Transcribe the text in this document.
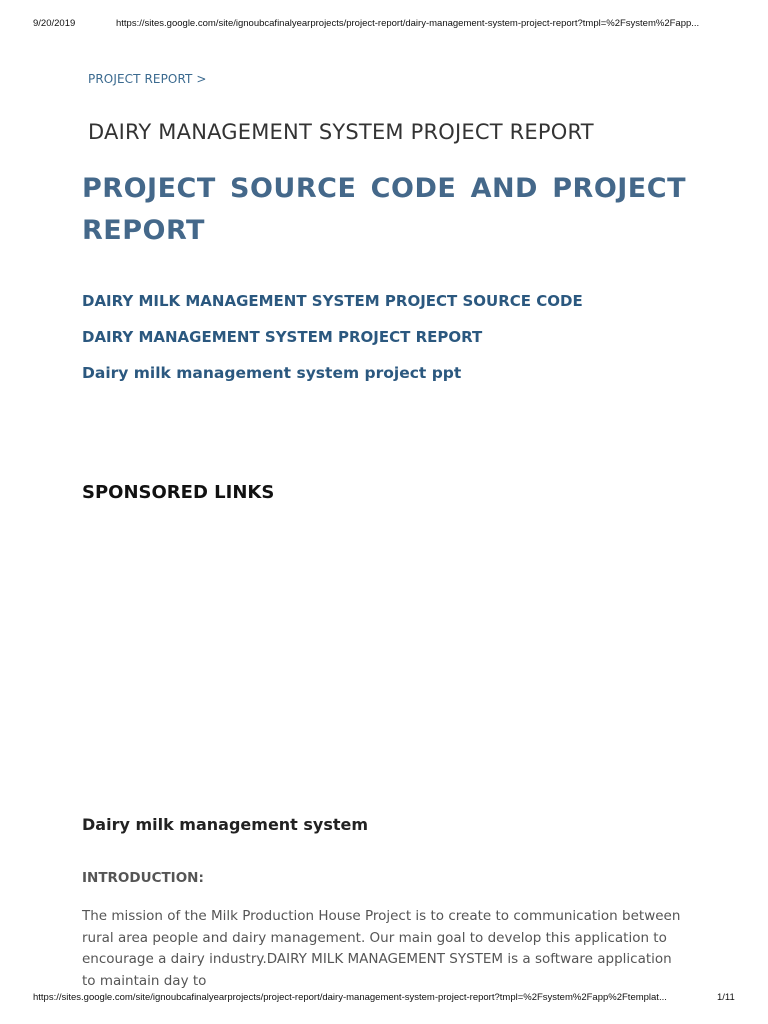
9/20/2019	https://sites.google.com/site/ignoubcafinalyearprojects/project-report/dairy-management-system-project-report?tmpl=%2Fsystem%2Fapp...
PROJECT REPORT >
DAIRY MANAGEMENT SYSTEM PROJECT REPORT
PROJECT SOURCE CODE AND PROJECT
REPORT
DAIRY MILK MANAGEMENT SYSTEM PROJECT SOURCE CODE
DAIRY MANAGEMENT SYSTEM PROJECT REPORT
Dairy milk management system project ppt
SPONSORED LINKS
Dairy milk management system
INTRODUCTION:
The mission of the Milk Production House Project is to create to communication between rural area people and dairy management. Our main goal to develop this application to encourage a dairy industry.DAIRY MILK MANAGEMENT SYSTEM is a software application to maintain day to
https://sites.google.com/site/ignoubcafinalyearprojects/project-report/dairy-management-system-project-report?tmpl=%2Fsystem%2Fapp%2Ftemplat...	1/11
